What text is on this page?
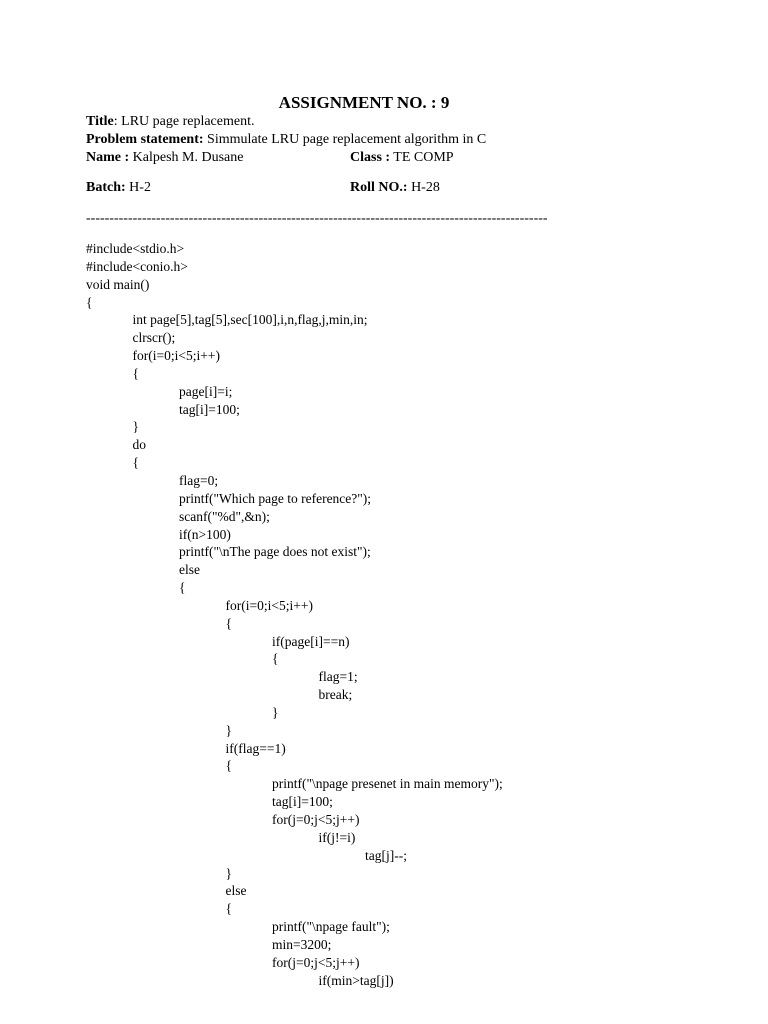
ASSIGNMENT NO. : 9
Title: LRU page replacement.
Problem statement: Simmulate LRU page replacement algorithm in C
Name : Kalpesh M. Dusane	Class : TE COMP
Batch: H-2	Roll NO.: H-28
---------------------------------------------------------------------------------------------------
#include<stdio.h>
#include<conio.h>
void main()
{
int page[5],tag[5],sec[100],i,n,flag,j,min,in;
clrscr();
for(i=0;i<5;i++)
{
page[i]=i;
tag[i]=100;
}
do
{
flag=0;
printf("Which page to reference?");
scanf("%d",&n);
if(n>100)
printf("\nThe page does not exist");
else
{
for(i=0;i<5;i++)
{
if(page[i]==n)
{
flag=1;
break;
}
}
if(flag==1)
{
printf("\npage presenet in main memory");
tag[i]=100;
for(j=0;j<5;j++)
if(j!=i)
tag[j]--;
}
else
{
printf("\npage fault");
min=3200;
for(j=0;j<5;j++)
if(min>tag[j])
